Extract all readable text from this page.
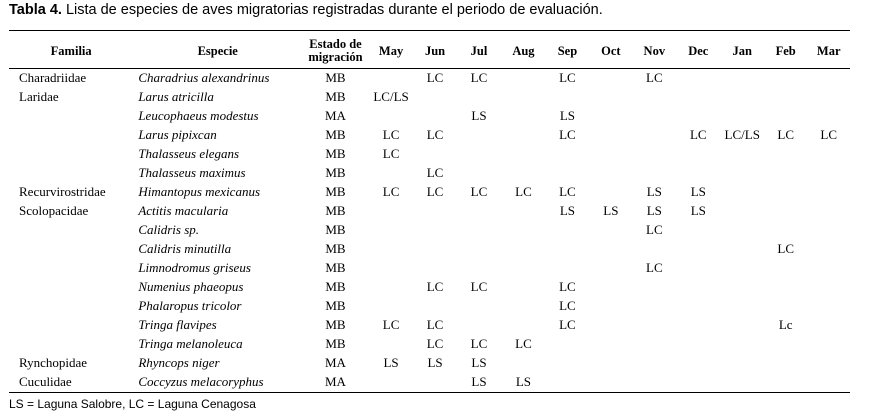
Tabla 4. Lista de especies de aves migratorias registradas durante el periodo de evaluación.
Familia	Especie	Estado de
migración	May	Jun	Jul	Aug	Sep	Oct	Nov	Dec	Jan	Feb	Mar
Charadriidae	Charadrius alexandrinus	MB		LC	LC		LC		LC				
Laridae	Larus atricilla	MB	LC/LS										
	Leucophaeus modestus	MA			LS		LS						
	Larus pipixcan	MB	LC	LC			LC			LC	LC/LS	LC	LC
	Thalasseus elegans	MB	LC										
	Thalasseus maximus	MB		LC									
Recurvirostridae	Himantopus mexicanus	MB	LC	LC	LC	LC	LC		LS	LS			
Scolopacidae	Actitis macularia	MB					LS	LS	LS	LS			
	Calidris sp.	MB							LC				
	Calidris minutilla	MB										LC	
	Limnodromus griseus	MB							LC				
	Numenius phaeopus	MB		LC	LC		LC						
	Phalaropus tricolor	MB					LC						
	Tringa flavipes	MB	LC	LC			LC					Lc	
	Tringa melanoleuca	MB		LC	LC	LC							
Rynchopidae	Rhyncops niger	MA	LS	LS	LS								
Cuculidae	Coccyzus melacoryphus	MA			LS	LS							
LS = Laguna Salobre, LC = Laguna Cenagosa
